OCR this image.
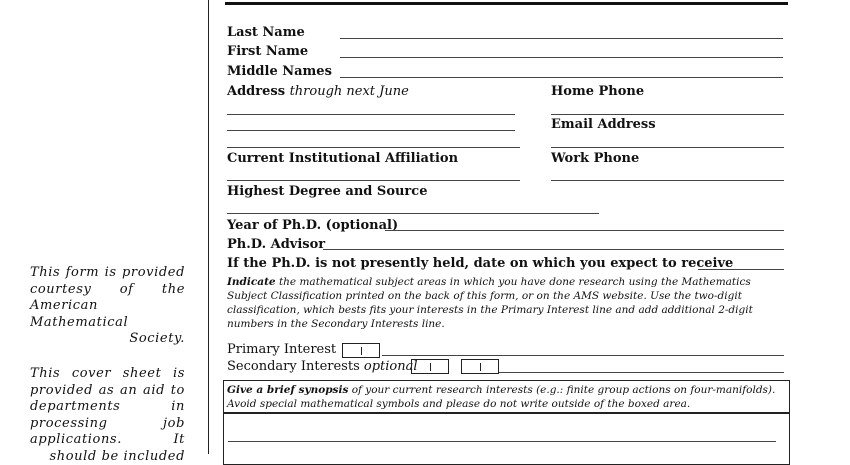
This form is provided courtesy of the American Mathematical Society.
This cover sheet is provided as an aid to departments in processing job applications. It should be included
Last Name
First Name
Middle Names
Address through next June	Home Phone
Email Address
Current Institutional Affiliation	Work Phone
Highest Degree and Source
Year of Ph.D. (optional)
Ph.D. Advisor
If the Ph.D. is not presently held, date on which you expect to receive
Indicate the mathematical subject areas in which you have done research using the Mathematics Subject Classification printed on the back of this form, or on the AMS website. Use the two-digit classification, which bests fits your interests in the Primary Interest line and add additional 2-digit numbers in the Secondary Interests line.
Primary Interest
Secondary Interests optional
Give a brief synopsis of your current research interests (e.g.: finite group actions on four-manifolds). Avoid special mathematical symbols and please do not write outside of the boxed area.
